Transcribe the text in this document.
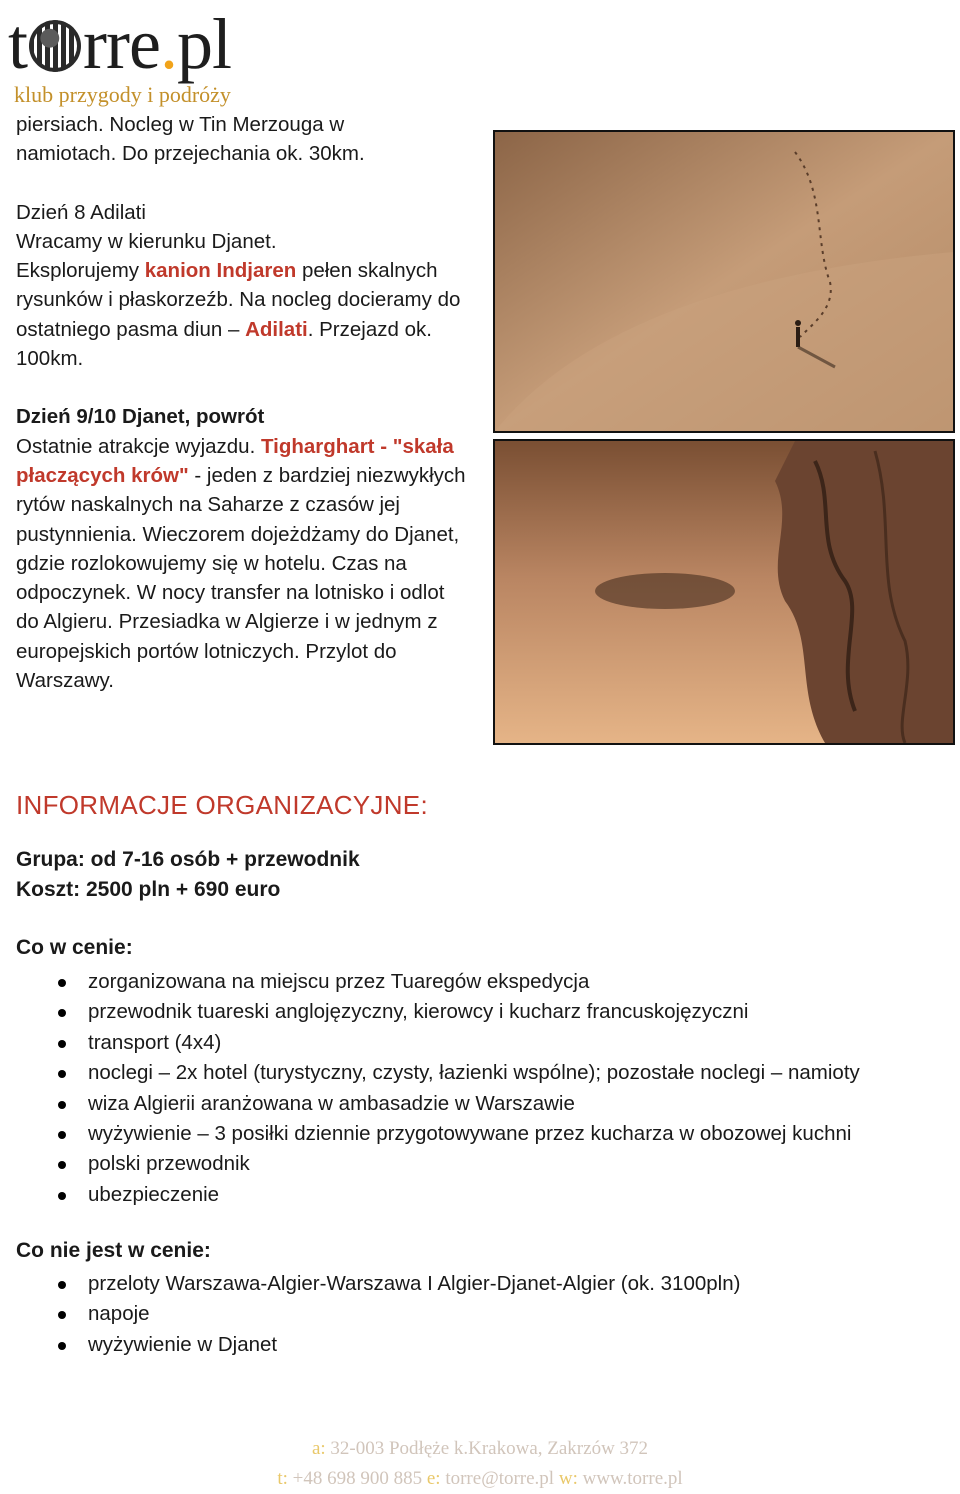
t rre.pl
klub przygody i podróży

piersiach. Nocleg w Tin Merzouga w namiotach. Do przejechania ok. 30km.

Dzień 8 Adilati

Wracamy w kierunku Djanet.
Eksplorujemy kanion Indjaren pełen skalnych rysunków i płaskorzeźb. Na nocleg docieramy do ostatniego pasma diun – Adilati. Przejazd ok. 100km.

Dzień 9/10 Djanet, powrót

Ostatnie atrakcje wyjazdu. Tigharghart - "skała płaczących krów" - jeden z bardziej niezwykłych rytów naskalnych na Saharze z czasów jej pustynnienia. Wieczorem dojeżdżamy do Djanet, gdzie rozlokowujemy się w hotelu. Czas na odpoczynek. W nocy transfer na lotnisko i odlot do Algieru. Przesiadka w Algierze i w jednym z europejskich portów lotniczych. Przylot do Warszawy.

INFORMACJE ORGANIZACYJNE:
Grupa: od 7-16 osób + przewodnik
Koszt: 2500 pln + 690 euro
Co w cenie:
zorganizowana na miejscu przez Tuaregów ekspedycja
przewodnik tuareski anglojęzyczny, kierowcy i kucharz francuskojęzyczni
transport (4x4)
noclegi – 2x hotel (turystyczny, czysty, łazienki wspólne); pozostałe noclegi – namioty
wiza Algierii aranżowana w ambasadzie w Warszawie
wyżywienie – 3 posiłki dziennie przygotowywane przez kucharza w obozowej kuchni
polski przewodnik
ubezpieczenie
Co nie jest w cenie:
przeloty Warszawa-Algier-Warszawa I Algier-Djanet-Algier (ok. 3100pln)
napoje
wyżywienie w Djanet
a: 32-003 Podłęże k.Krakowa, Zakrzów 372
t: +48 698 900 885 e: torre@torre.pl w: www.torre.pl
